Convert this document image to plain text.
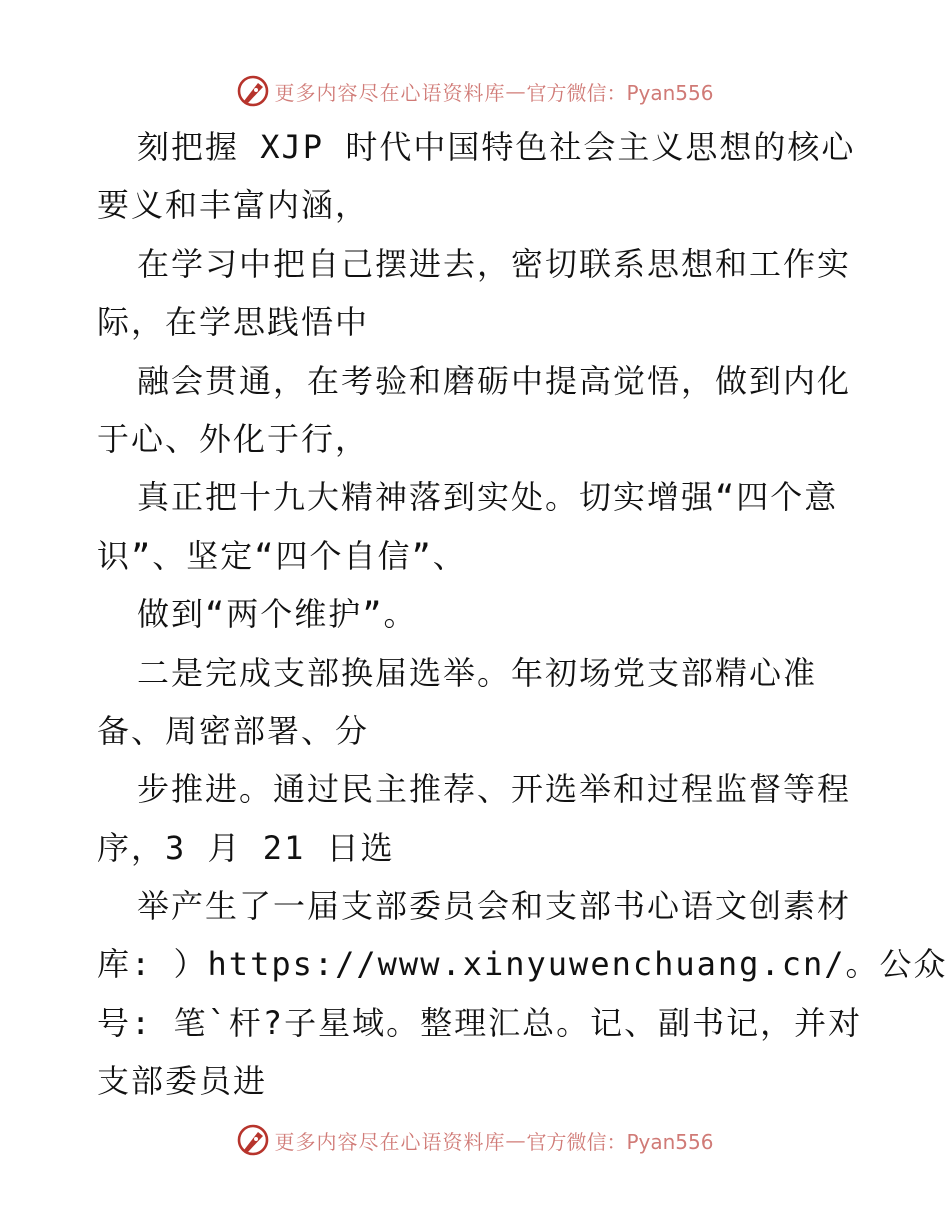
更多内容尽在心语资料库 — 官方微信：Pyan556
刻把握 XJP 时代中国特色社会主义思想的核心
要义和丰富内涵，
在学习中把自己摆进去，密切联系思想和工作实
际，在学思践悟中
融会贯通，在考验和磨砺中提高觉悟，做到内化
于心、外化于行，
真正把十九大精神落到实处。切实增强“四个意
识”、坚定“四个自信”、
做到“两个维护”。
二是完成支部换届选举。年初场党支部精心准
备、周密部署、分
步推进。通过民主推荐、开选举和过程监督等程
序，3 月 21 日选
举产生了一届支部委员会和支部书心语文创素材
库: ）https://www.xinyuwenchuang.cn/。公众
号: 笔`杆?子星域。整理汇总。记、副书记，并对
支部委员进
更多内容尽在心语资料库 — 官方微信：Pyan556
